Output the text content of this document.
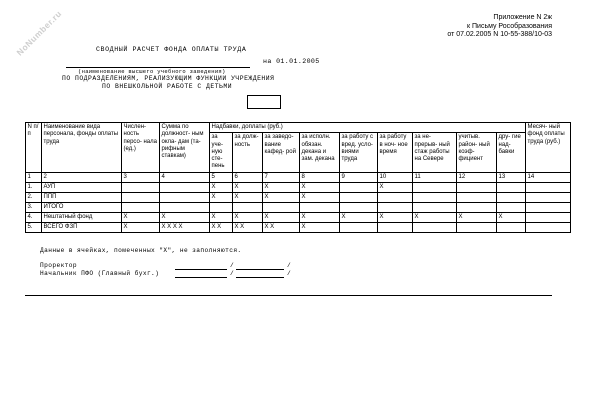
NoNumber.ru	Приложение N 2ж
к Письму Рособразования
от 07.02.2005 N 10-55-388/10-03
СВОДНЫЙ РАСЧЕТ ФОНДА ОПЛАТЫ ТРУДА
на 01.01.2005
(наименование высшего учебного заведения)
ПО ПОДРАЗДЕЛЕНИЯМ, РЕАЛИЗУЮЩИМ ФУНКЦИИ УЧРЕЖДЕНИЯ
ПО ВНЕШКОЛЬНОЙ РАБОТЕ С ДЕТЬМИ
N п/п	Наименование вида персонала, фонды оплаты труда	Числен- ность персо- нала (ед.)	Сумма по должност- ным окла- дам (та- рифным ставкам)	Надбавки, доплаты (руб.)									Месяч- ный фонд оплаты труда (руб.)
				за уче- ную сте- пень	за долж- ность	за заведо- вание кафед- рой	за исполн. обязан. декана и зам. декана	за работу с вред. усло- виями труда	за работу в ноч- ное время	за не- прерыв- ный стаж работы на Севере	учитыв. район- ный коэф- фициент	дру- гие над- бавки	
1	2	3	4	5	6	7	8	9	10	11	12	13	14
1.	АУП			X	X	X	X		X				
2.	ППП			X	X	X	X						
3.	ИТОГО												
4.	Нештатный фонд	X	X	X	X	X	X	X	X	X	X	X	
5.	ВСЕГО ФЗП	X	X X X X	X X	X X	X X	X						
Данные в ячейках, помеченных "X", не заполняются.
Проректор	/	/
Начальник ПФО (Главный бухг.)	/	/
